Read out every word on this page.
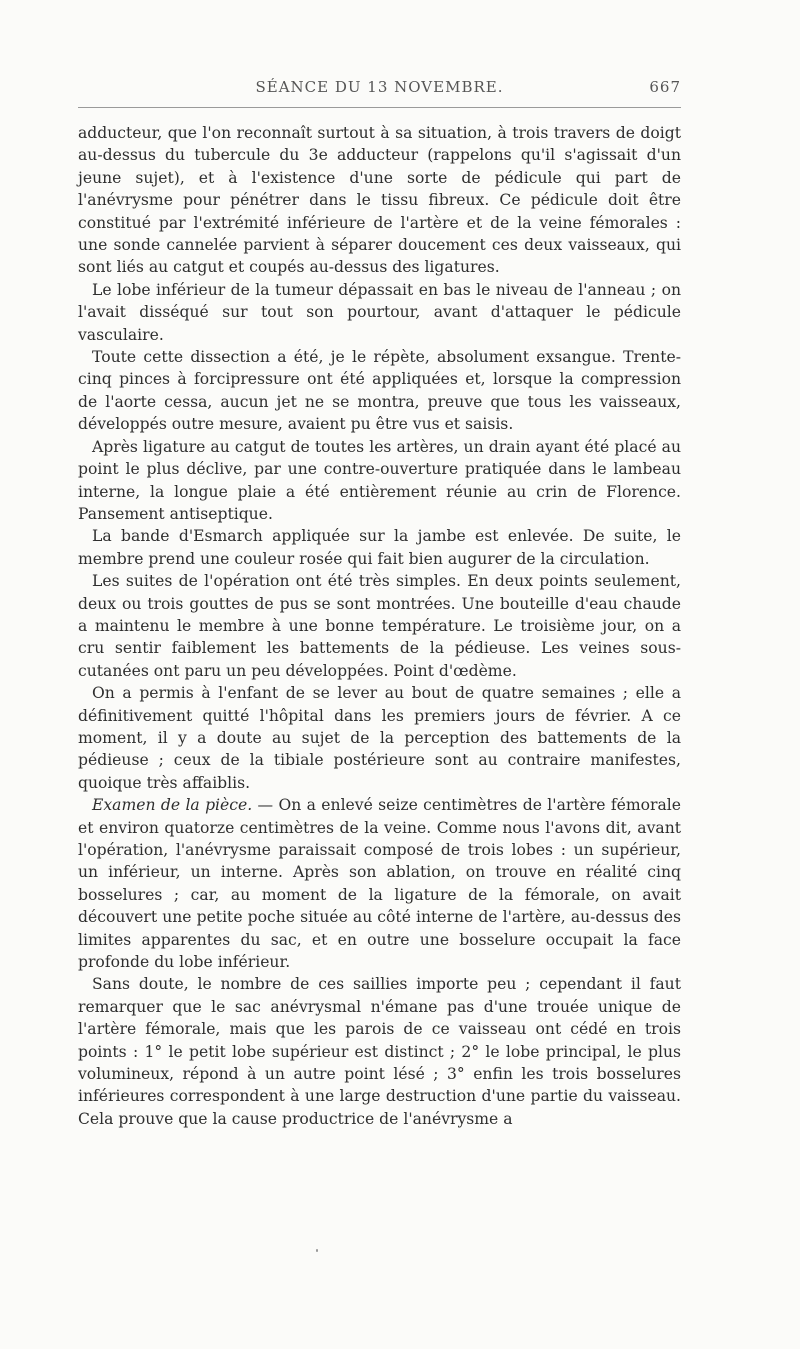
SÉANCE DU 13 NOVEMBRE.	667

adducteur, que l'on reconnaît surtout à sa situation, à trois travers de doigt au-dessus du tubercule du 3e adducteur (rappelons qu'il s'agissait d'un jeune sujet), et à l'existence d'une sorte de pédicule qui part de l'anévrysme pour pénétrer dans le tissu fibreux. Ce pédicule doit être constitué par l'extrémité inférieure de l'artère et de la veine fémorales : une sonde cannelée parvient à séparer doucement ces deux vaisseaux, qui sont liés au catgut et coupés au-dessus des ligatures.

Le lobe inférieur de la tumeur dépassait en bas le niveau de l'anneau ; on l'avait disséqué sur tout son pourtour, avant d'attaquer le pédicule vasculaire.

Toute cette dissection a été, je le répète, absolument exsangue. Trente-cinq pinces à forcipressure ont été appliquées et, lorsque la compression de l'aorte cessa, aucun jet ne se montra, preuve que tous les vaisseaux, développés outre mesure, avaient pu être vus et saisis.

Après ligature au catgut de toutes les artères, un drain ayant été placé au point le plus déclive, par une contre-ouverture pratiquée dans le lambeau interne, la longue plaie a été entièrement réunie au crin de Florence. Pansement antiseptique.

La bande d'Esmarch appliquée sur la jambe est enlevée. De suite, le membre prend une couleur rosée qui fait bien augurer de la circulation.

Les suites de l'opération ont été très simples. En deux points seulement, deux ou trois gouttes de pus se sont montrées. Une bouteille d'eau chaude a maintenu le membre à une bonne température. Le troisième jour, on a cru sentir faiblement les battements de la pédieuse. Les veines sous-cutanées ont paru un peu développées. Point d'œdème.

On a permis à l'enfant de se lever au bout de quatre semaines ; elle a définitivement quitté l'hôpital dans les premiers jours de février. A ce moment, il y a doute au sujet de la perception des battements de la pédieuse ; ceux de la tibiale postérieure sont au contraire manifestes, quoique très affaiblis.

Examen de la pièce. — On a enlevé seize centimètres de l'artère fémorale et environ quatorze centimètres de la veine. Comme nous l'avons dit, avant l'opération, l'anévrysme paraissait composé de trois lobes : un supérieur, un inférieur, un interne. Après son ablation, on trouve en réalité cinq bosselures ; car, au moment de la ligature de la fémorale, on avait découvert une petite poche située au côté interne de l'artère, au-dessus des limites apparentes du sac, et en outre une bosselure occupait la face profonde du lobe inférieur.

Sans doute, le nombre de ces saillies importe peu ; cependant il faut remarquer que le sac anévrysmal n'émane pas d'une trouée unique de l'artère fémorale, mais que les parois de ce vaisseau ont cédé en trois points : 1° le petit lobe supérieur est distinct ; 2° le lobe principal, le plus volumineux, répond à un autre point lésé ; 3° enfin les trois bosselures inférieures correspondent à une large destruction d'une partie du vaisseau. Cela prouve que la cause productrice de l'anévrysme a
